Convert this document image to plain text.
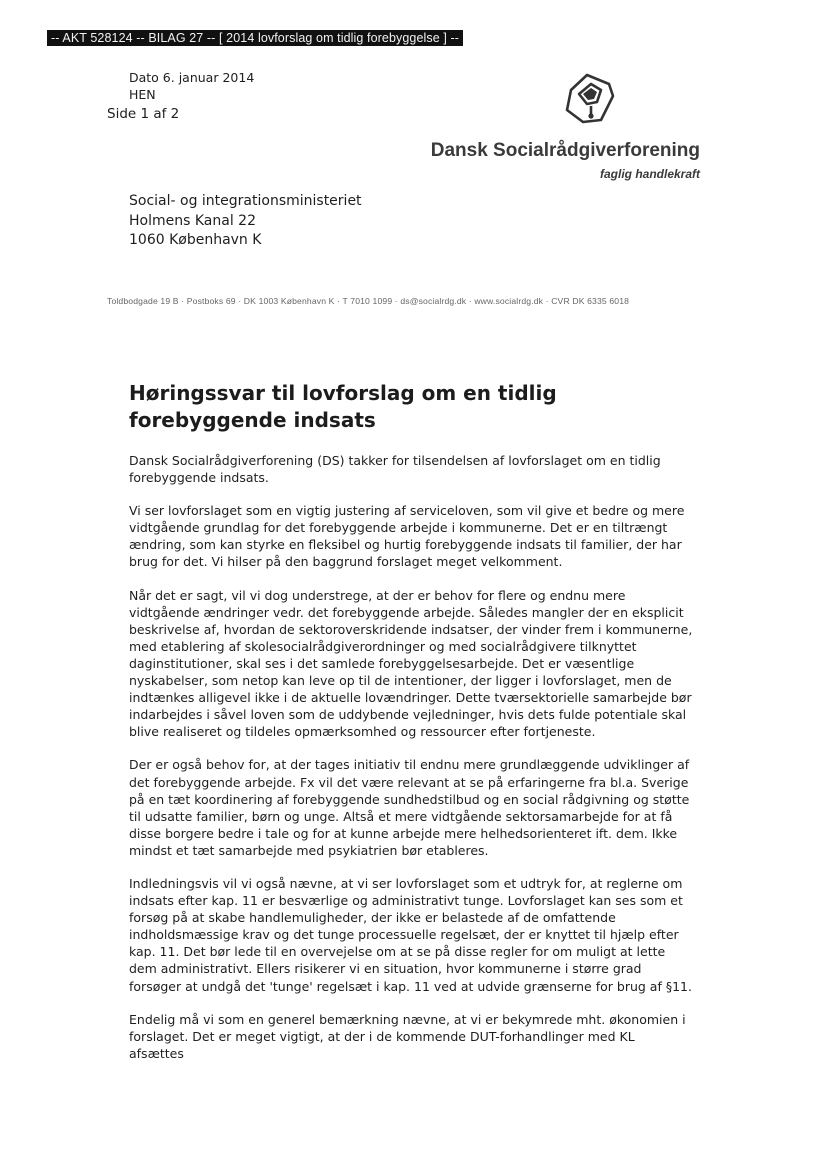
-- AKT 528124 -- BILAG 27 -- [ 2014 lovforslag om tidlig forebyggelse ] --
Dato 6. januar 2014
HEN
Side 1 af 2
Dansk Socialrådgiverforening
faglig handlekraft
Social- og integrationsministeriet
Holmens Kanal 22
1060 København K
Toldbodgade 19 B · Postboks 69 · DK 1003 København K · T 7010 1099 · ds@socialrdg.dk · www.socialrdg.dk · CVR DK 6335 6018
Høringssvar til lovforslag om en tidlig forebyggende indsats

Dansk Socialrådgiverforening (DS) takker for tilsendelsen af lovforslaget om en tidlig forebyggende indsats.

Vi ser lovforslaget som en vigtig justering af serviceloven, som vil give et bedre og mere vidtgående grundlag for det forebyggende arbejde i kommunerne. Det er en tiltrængt ændring, som kan styrke en fleksibel og hurtig forebyggende indsats til familier, der har brug for det. Vi hilser på den baggrund forslaget meget velkomment.

Når det er sagt, vil vi dog understrege, at der er behov for flere og endnu mere vidtgående ændringer vedr. det forebyggende arbejde. Således mangler der en eksplicit beskrivelse af, hvordan de sektoroverskridende indsatser, der vinder frem i kommunerne, med etablering af skolesocialrådgiverordninger og med socialrådgivere tilknyttet daginstitutioner, skal ses i det samlede forebyggelsesarbejde. Det er væsentlige nyskabelser, som netop kan leve op til de intentioner, der ligger i lovforslaget, men de indtænkes alligevel ikke i de aktuelle lovændringer. Dette tværsektorielle samarbejde bør indarbejdes i såvel loven som de uddybende vejledninger, hvis dets fulde potentiale skal blive realiseret og tildeles opmærksomhed og ressourcer efter fortjeneste.

Der er også behov for, at der tages initiativ til endnu mere grundlæggende udviklinger af det forebyggende arbejde. Fx vil det være relevant at se på erfaringerne fra bl.a. Sverige på en tæt koordinering af forebyggende sundhedstilbud og en social rådgivning og støtte til udsatte familier, børn og unge. Altså et mere vidtgående sektorsamarbejde for at få disse borgere bedre i tale og for at kunne arbejde mere helhedsorienteret ift. dem. Ikke mindst et tæt samarbejde med psykiatrien bør etableres.

Indledningsvis vil vi også nævne, at vi ser lovforslaget som et udtryk for, at reglerne om indsats efter kap. 11 er besværlige og administrativt tunge. Lovforslaget kan ses som et forsøg på at skabe handlemuligheder, der ikke er belastede af de omfattende indholdsmæssige krav og det tunge processuelle regelsæt, der er knyttet til hjælp efter kap. 11. Det bør lede til en overvejelse om at se på disse regler for om muligt at lette dem administrativt. Ellers risikerer vi en situation, hvor kommunerne i større grad forsøger at undgå det 'tunge' regelsæt i kap. 11 ved at udvide grænserne for brug af §11.

Endelig må vi som en generel bemærkning nævne, at vi er bekymrede mht. økonomien i forslaget. Det er meget vigtigt, at der i de kommende DUT-forhandlinger med KL afsættes
